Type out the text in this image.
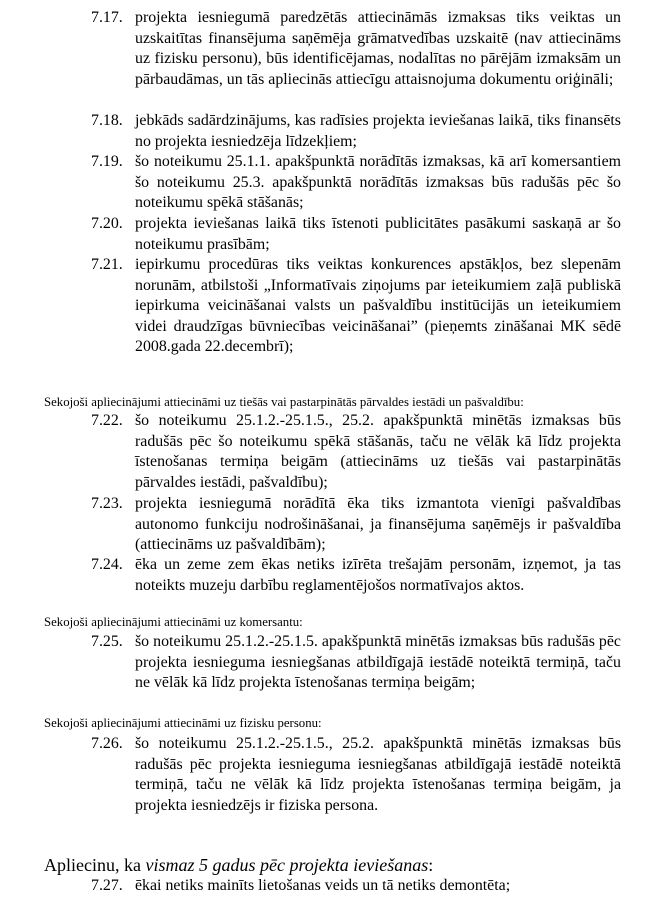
7.17. projekta iesniegumā paredzētās attiecināmās izmaksas tiks veiktas un uzskaitītas finansējuma saņēmēja grāmatvedības uzskaitē (nav attiecināms uz fizisku personu), būs identificējamas, nodalītas no pārējām izmaksām un pārbaudāmas, un tās apliecinās attiecīgu attaisnojuma dokumentu oriģināli;
7.18. jebkāds sadārdzinājums, kas radīsies projekta ieviešanas laikā, tiks finansēts no projekta iesniedzēja līdzekļiem;
7.19. šo noteikumu 25.1.1. apakšpunktā norādītās izmaksas, kā arī komersantiem šo noteikumu 25.3. apakšpunktā norādītās izmaksas būs radušās pēc šo noteikumu spēkā stāšanās;
7.20. projekta ieviešanas laikā tiks īstenoti publicitātes pasākumi saskaņā ar šo noteikumu prasībām;
7.21. iepirkumu procedūras tiks veiktas konkurences apstākļos, bez slepenām norunām, atbilstoši „Informatīvais ziņojums par ieteikumiem zaļā publiskā iepirkuma veicināšanai valsts un pašvaldību institūcijās un ieteikumiem videi draudzīgas būvniecības veicināšanai” (pieņemts zināšanai MK sēdē 2008.gada 22.decembrī);
Sekojoši apliecinājumi attiecināmi uz tiešās vai pastarpinātās pārvaldes iestādi un pašvaldību:
7.22. šo noteikumu 25.1.2.-25.1.5., 25.2. apakšpunktā minētās izmaksas būs radušās pēc šo noteikumu spēkā stāšanās, taču ne vēlāk kā līdz projekta īstenošanas termiņa beigām (attiecināms uz tiešās vai pastarpinātās pārvaldes iestādi, pašvaldību);
7.23. projekta iesniegumā norādītā ēka tiks izmantota vienīgi pašvaldības autonomo funkciju nodrošināšanai, ja finansējuma saņēmējs ir pašvaldība (attiecināms uz pašvaldībām);
7.24. ēka un zeme zem ēkas netiks izīrēta trešajām personām, izņemot, ja tas noteikts muzeju darbību reglamentējošos normatīvajos aktos.
Sekojoši apliecinājumi attiecināmi uz komersantu:
7.25. šo noteikumu 25.1.2.-25.1.5. apakšpunktā minētās izmaksas būs radušās pēc projekta iesnieguma iesniegšanas atbildīgajā iestādē noteiktā termiņā, taču ne vēlāk kā līdz projekta īstenošanas termiņa beigām;
Sekojoši apliecinājumi attiecināmi uz fizisku personu:
7.26. šo noteikumu 25.1.2.-25.1.5., 25.2. apakšpunktā minētās izmaksas būs radušās pēc projekta iesnieguma iesniegšanas atbildīgajā iestādē noteiktā termiņā, taču ne vēlāk kā līdz projekta īstenošanas termiņa beigām, ja projekta iesniedzējs ir fiziska persona.
Apliecinu, ka vismaz 5 gadus pēc projekta ieviešanas:
7.27. ēkai netiks mainīts lietošanas veids un tā netiks demontēta;
